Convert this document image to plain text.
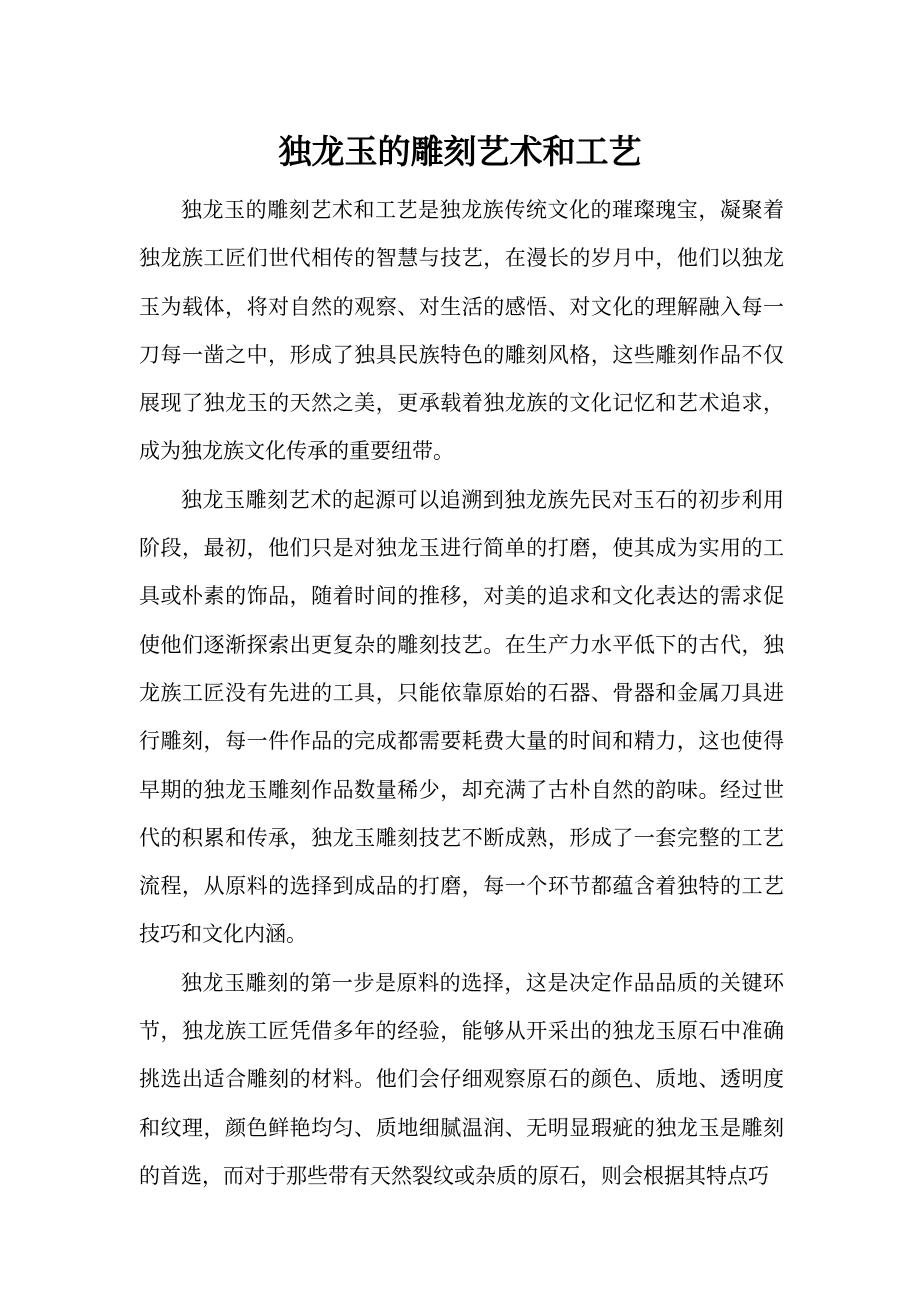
独龙玉的雕刻艺术和工艺

独龙玉的雕刻艺术和工艺是独龙族传统文化的璀璨瑰宝，凝聚着独龙族工匠们世代相传的智慧与技艺，在漫长的岁月中，他们以独龙玉为载体，将对自然的观察、对生活的感悟、对文化的理解融入每一刀每一凿之中，形成了独具民族特色的雕刻风格，这些雕刻作品不仅展现了独龙玉的天然之美，更承载着独龙族的文化记忆和艺术追求，成为独龙族文化传承的重要纽带。

独龙玉雕刻艺术的起源可以追溯到独龙族先民对玉石的初步利用阶段，最初，他们只是对独龙玉进行简单的打磨，使其成为实用的工具或朴素的饰品，随着时间的推移，对美的追求和文化表达的需求促使他们逐渐探索出更复杂的雕刻技艺。在生产力水平低下的古代，独龙族工匠没有先进的工具，只能依靠原始的石器、骨器和金属刀具进行雕刻，每一件作品的完成都需要耗费大量的时间和精力，这也使得早期的独龙玉雕刻作品数量稀少，却充满了古朴自然的韵味。经过世代的积累和传承，独龙玉雕刻技艺不断成熟，形成了一套完整的工艺流程，从原料的选择到成品的打磨，每一个环节都蕴含着独特的工艺技巧和文化内涵。

独龙玉雕刻的第一步是原料的选择，这是决定作品品质的关键环节，独龙族工匠凭借多年的经验，能够从开采出的独龙玉原石中准确挑选出适合雕刻的材料。他们会仔细观察原石的颜色、质地、透明度和纹理，颜色鲜艳均匀、质地细腻温润、无明显瑕疵的独龙玉是雕刻的首选，而对于那些带有天然裂纹或杂质的原石，则会根据其特点巧
